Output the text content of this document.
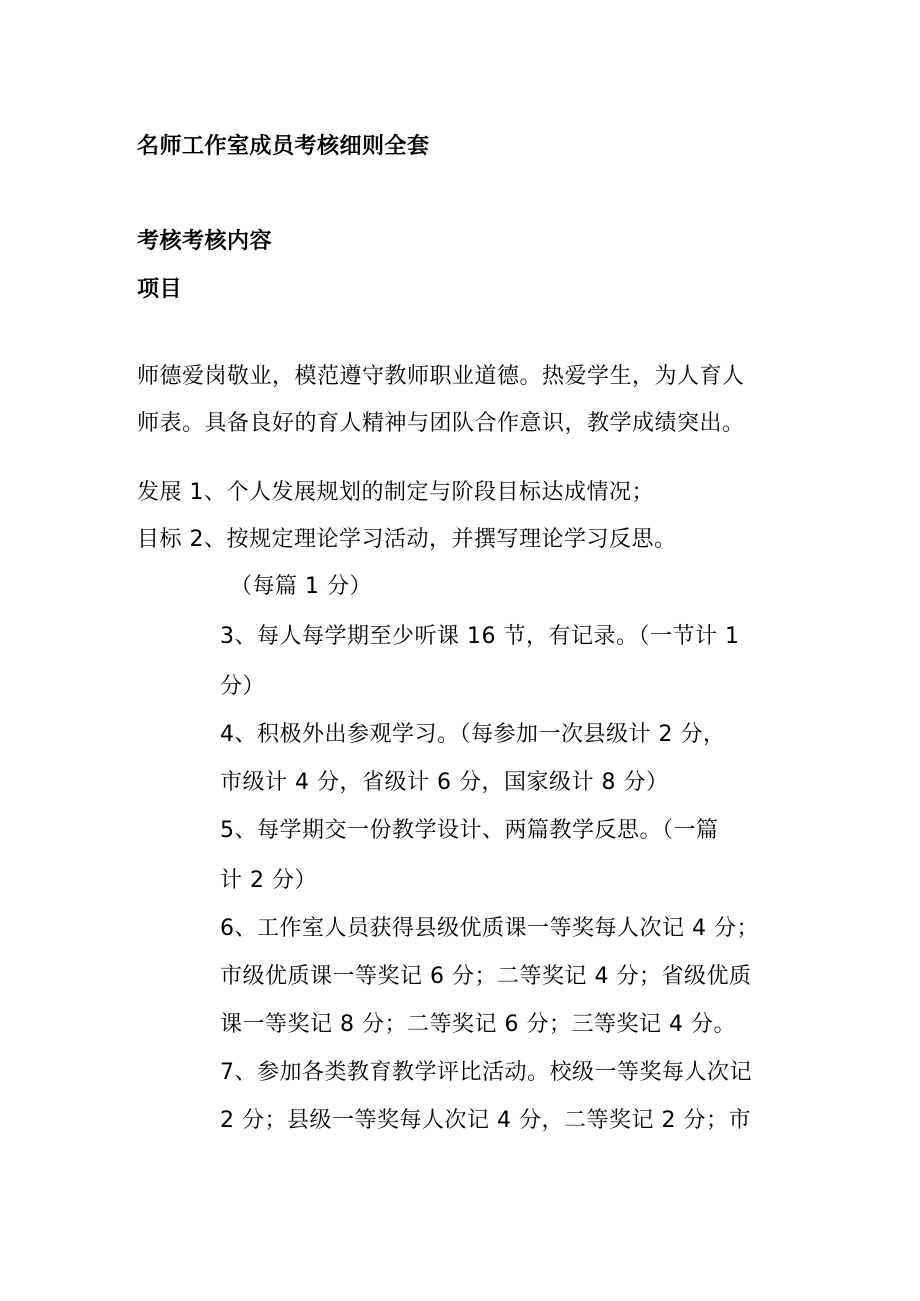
名师工作室成员考核细则全套
考核考核内容
项目
师德爱岗敬业，模范遵守教师职业道德。热爱学生，为人育人
师表。具备良好的育人精神与团队合作意识，教学成绩突出。
发展 1、个人发展规划的制定与阶段目标达成情况；
目标 2、按规定理论学习活动，并撰写理论学习反思。
（每篇 1 分）
3、每人每学期至少听课 16 节，有记录。（一节计 1
分）
4、积极外出参观学习。（每参加一次县级计 2 分，
市级计 4 分，省级计 6 分，国家级计 8 分）
5、每学期交一份教学设计、两篇教学反思。（一篇
计 2 分）
6、工作室人员获得县级优质课一等奖每人次记 4 分；
市级优质课一等奖记 6 分；二等奖记 4 分；省级优质
课一等奖记 8 分；二等奖记 6 分；三等奖记 4 分。
7、参加各类教育教学评比活动。校级一等奖每人次记
2 分；县级一等奖每人次记 4 分，二等奖记 2 分；市
